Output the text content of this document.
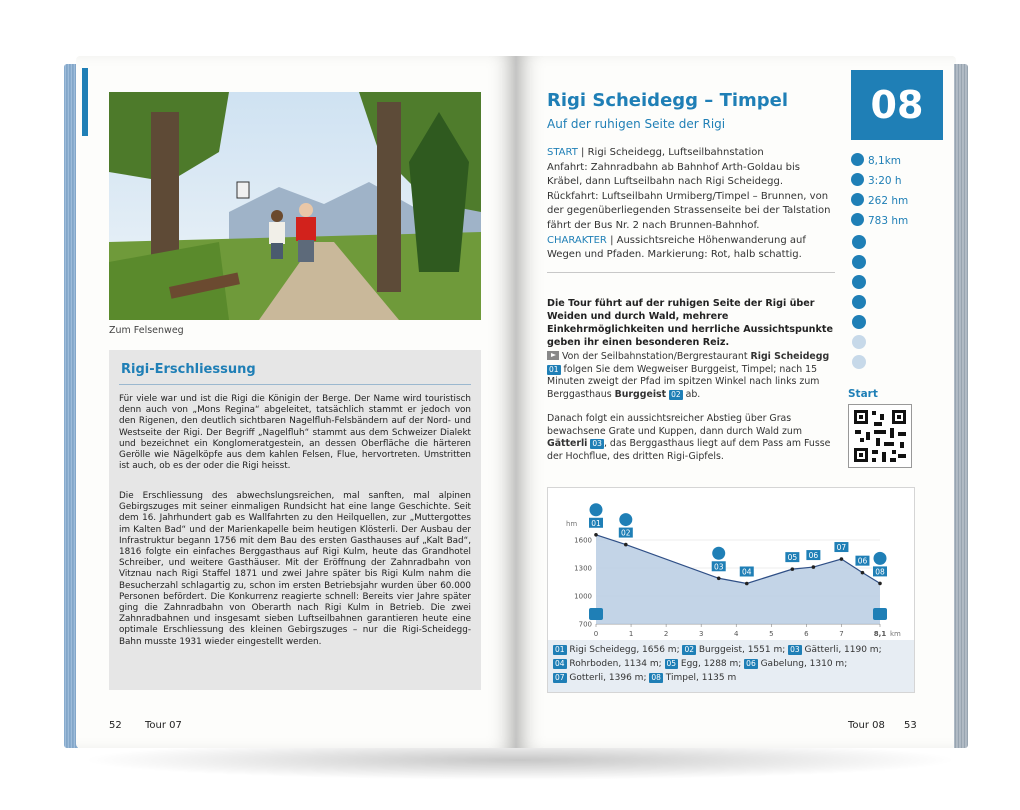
Zum Felsenweg
Rigi-Erschliessung

Für viele war und ist die Rigi die Königin der Berge. Der Name wird touristisch denn auch von „Mons Regina“ abgeleitet, tatsächlich stammt er jedoch von den Rigenen, den deutlich sichtbaren Nagelfluh-Felsbändern auf der Nord- und Westseite der Rigi. Der Begriff „Nagelfluh“ stammt aus dem Schweizer Dialekt und bezeichnet ein Konglomeratgestein, an dessen Oberfläche die härteren Gerölle wie Nägelköpfe aus dem kahlen Felsen, Flue, hervortreten. Umstritten ist auch, ob es der oder die Rigi heisst.

Die Erschliessung des abwechslungsreichen, mal sanften, mal alpinen Gebirgszuges mit seiner einmaligen Rundsicht hat eine lange Geschichte. Seit dem 16. Jahrhundert gab es Wallfahrten zu den Heilquellen, zur „Muttergottes im Kalten Bad“ und der Marienkapelle beim heutigen Klösterli. Der Ausbau der Infrastruktur begann 1756 mit dem Bau des ersten Gasthauses auf „Kalt Bad“, 1816 folgte ein einfaches Berggasthaus auf Rigi Kulm, heute das Grandhotel Schreiber, und weitere Gasthäuser. Mit der Eröffnung der Zahnradbahn von Vitznau nach Rigi Staffel 1871 und zwei Jahre später bis Rigi Kulm nahm die Besucherzahl schlagartig zu, schon im ersten Betriebsjahr wurden über 60.000 Personen befördert. Die Konkurrenz reagierte schnell: Bereits vier Jahre später ging die Zahnradbahn von Oberarth nach Rigi Kulm in Betrieb. Die zwei Zahnradbahnen und insgesamt sieben Luftseilbahnen garantieren heute eine optimale Erschliessung des kleinen Gebirgszuges – nur die Rigi-Scheidegg-Bahn musste 1931 wieder eingestellt werden.

52 Tour 07
Rigi Scheidegg – Timpel
Auf der ruhigen Seite der Rigi
START | Rigi Scheidegg, Luftseilbahnstation
Anfahrt: Zahnradbahn ab Bahnhof Arth-Goldau bis Kräbel, dann Luftseilbahn nach Rigi Scheidegg. Rückfahrt: Luftseilbahn Urmiberg/Timpel – Brunnen, von der gegenüberliegenden Strassenseite bei der Talstation fährt der Bus Nr. 2 nach Brunnen-Bahnhof.
CHARAKTER | Aussichtsreiche Höhenwanderung auf Wegen und Pfaden. Markierung: Rot, halb schattig.
Die Tour führt auf der ruhigen Seite der Rigi über Weiden und durch Wald, mehrere Einkehrmöglichkeiten und herrliche Aussichtspunkte geben ihr einen besonderen Reiz.
Von der Seilbahnstation/Bergrestaurant Rigi Scheidegg 01 folgen Sie dem Wegweiser Burggeist, Timpel; nach 15 Minuten zweigt der Pfad im spitzen Winkel nach links zum Berggasthaus Burggeist 02 ab.
Danach folgt ein aussichtsreicher Abstieg über Gras bewachsene Grate und Kuppen, dann durch Wald zum Gätterli 03 , das Berggasthaus liegt auf dem Pass am Fusse der Hochflue, des dritten Rigi-Gipfels.
08
8,1km
3:20 h
262 hm
783 hm
Start
hm
700
1000
1300
1600
0	1	2	3	4	5	6	7	8,1 km
01
02
03
04
05 06
07
06
08
01 Rigi Scheidegg, 1656 m; 02 Burggeist, 1551 m; 03 Gätterli, 1190 m;
04 Rohrboden, 1134 m; 05 Egg, 1288 m; 06 Gabelung, 1310 m;
07 Gotterli, 1396 m; 08 Timpel, 1135 m
Tour 08 53
